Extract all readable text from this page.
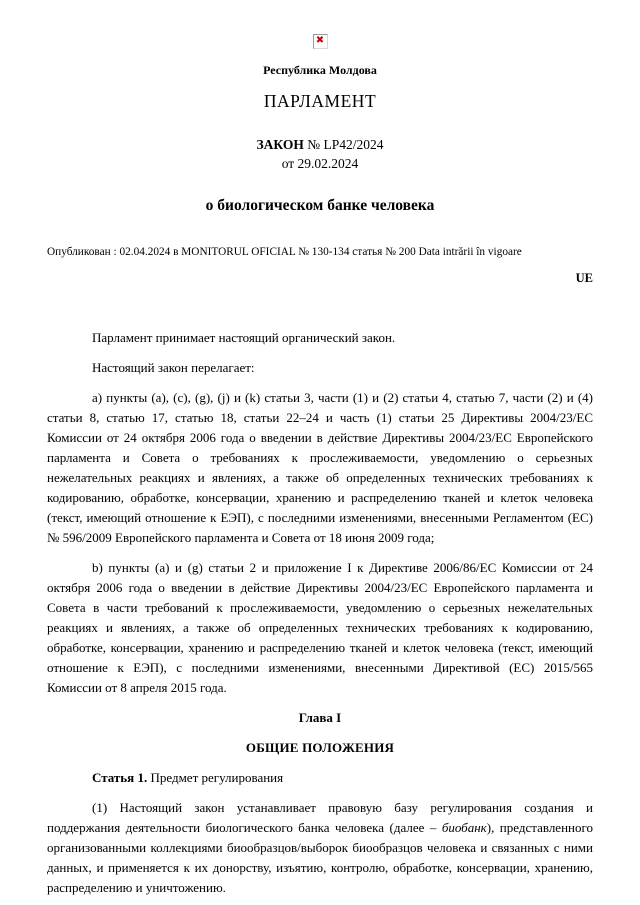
✖
Республика Молдова
ПАРЛАМЕНТ
ЗАКОН № LP42/2024
от 29.02.2024
о биологическом банке человека
Опубликован : 02.04.2024 в MONITORUL OFICIAL № 130-134 статья № 200 Data intrării în vigoare
UE

Парламент принимает настоящий органический закон.

Настоящий закон перелагает:

а) пункты (a), (c), (g), (j) и (k) статьи 3, части (1) и (2) статьи 4, статью 7, части (2) и (4) статьи 8, статью 17, статью 18, статьи 22–24 и часть (1) статьи 25 Директивы 2004/23/ЕС Комиссии от 24 октября 2006 года о введении в действие Директивы 2004/23/ЕС Европейского парламента и Совета о требованиях к прослеживаемости, уведомлению о серьезных нежелательных реакциях и явлениях, а также об определенных технических требованиях к кодированию, обработке, консервации, хранению и распределению тканей и клеток человека (текст, имеющий отношение к ЕЭП), с последними изменениями, внесенными Регламентом (ЕС) № 596/2009 Европейского парламента и Совета от 18 июня 2009 года;

b) пункты (a) и (g) статьи 2 и приложение I к Директиве 2006/86/ЕС Комиссии от 24 октября 2006 года о введении в действие Директивы 2004/23/ЕС Европейского парламента и Совета в части требований к прослеживаемости, уведомлению о серьезных нежелательных реакциях и явлениях, а также об определенных технических требованиях к кодированию, обработке, консервации, хранению и распределению тканей и клеток человека (текст, имеющий отношение к ЕЭП), с последними изменениями, внесенными Директивой (ЕС) 2015/565 Комиссии от 8 апреля 2015 года.

Глава I

ОБЩИЕ ПОЛОЖЕНИЯ

Статья 1. Предмет регулирования

(1) Настоящий закон устанавливает правовую базу регулирования создания и поддержания деятельности биологического банка человека (далее – биобанк), представленного организованными коллекциями биообразцов/выборок биообразцов человека и связанных с ними данных, и применяется к их донорству, изъятию, контролю, обработке, консервации, хранению, распределению и уничтожению.
